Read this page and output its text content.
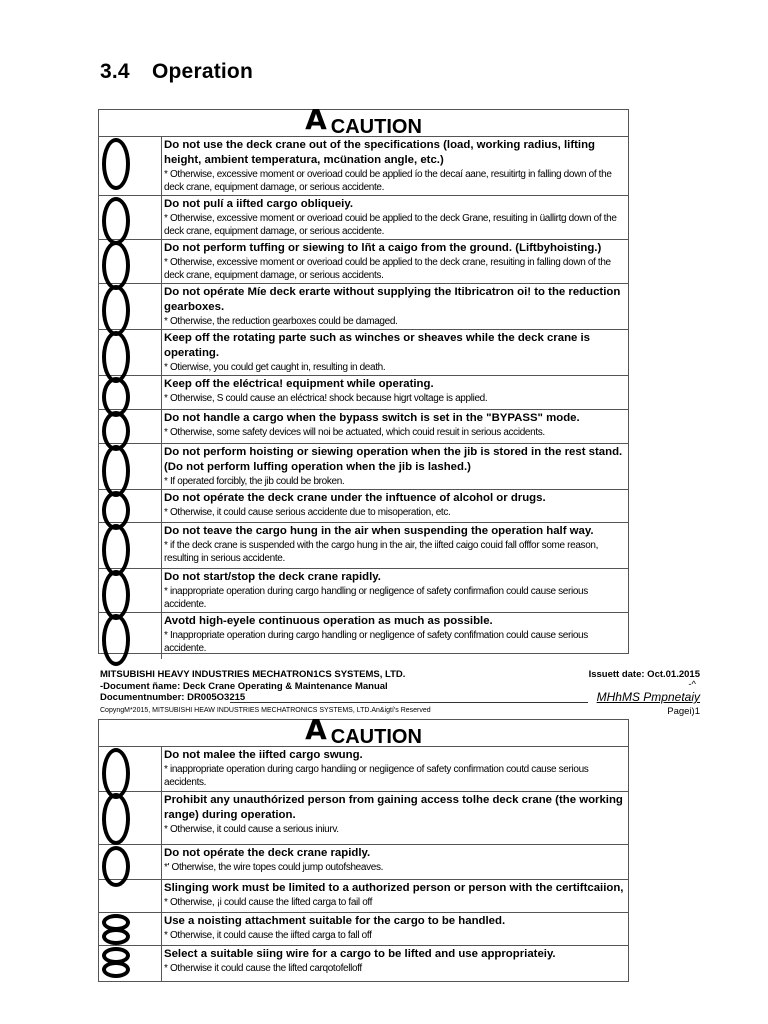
3.4 Operation
A CAUTION

	Do not use the deck crane out of the specifications (load, working radius, lifting height, ambient temperatura, mcünation angle, etc.)
* Otherwise, excessive moment or overioad could be applied ío the decaí aane, resuitirtg in falling down of the deck crane, equipment damage, or serious accidente.

	Do not pulí a iifted cargo obliqueiy.
* Otherwise, excessive moment or overioad couid be applied to the deck Grane, resuiting in üallirtg down of the deck crane, equipment damage, or serious accidente.

	Do not perform tuffing or siewing to lñt a caigo from the ground. (Liftbyhoisting.)
* Otherwise, excessive moment or overioad could be applied to the deck crane, resuiting in falling down of the deck crane, equipment damage, or serious accidents.

	Do not opérate Míe deck erarte without supplying the Itibricatron oi! to the reduction gearboxes.
* Otherwise, the reduction gearboxes could be damaged.

	Keep off the rotating parte such as winches or sheaves while the deck crane is operating.
* Otierwise, you could get caught in, resulting in death.

	Keep off the eléctrica! equipment while operating.
* Otherwise, S could cause an eléctrica! shock because higrt voltage is applied.

	Do not handle a cargo when the bypass switch is set in the "BYPASS" mode.
* Otherwise, some safety devices will noi be actuated, which couid resuit in serious accidents.

	Do not perform hoisting or siewing operation when the jib is stored in the rest stand. (Do not perform luffing operation when the jib is lashed.)
* If operated forcibly, the jib could be broken.

	Do not opérate the deck crane under the inftuence of alcohol or drugs.
* Otherwise, it could cause serious accidente due to misoperation, etc.

	Do not teave the cargo hung in the air when suspending the operation half way.
* if the deck crane is suspended with the cargo hung in the air, the iifted caigo couid fall offfor some reason, resulting in serious accidente.

	Do not start/stop the deck crane rapidly.
* inappropriate operation during cargo handling or negligence of safety confirmafion could cause serious accidente.

	Avotd high-eyele continuous operation as much as possible.
* Inappropriate operation during cargo handling or negligence of safety confifmation could cause serious accidente.
MITSUBISHI HEAVY INDUSTRIES MECHATRON1CS SYSTEMS, LTD.	Issuett date: Oct.01.2015
-Document ñame: Deck Crane Operating & Maintenance Manual	-^
Documentnumber: DR005O3215	MHhMS Pmpnetaiy
CopyngM*2015, MITSUBISHI HEAW INDUSTRIES MECHATRONICS SYSTEMS, LTD.An&igtí's Reserved	Pagei)1
A CAUTION

	Do not malee the iifted cargo swung.
* inappropriate operation during cargo handiing or negiigence of safety confirmation coutd cause serious aecidents.

	Prohibit any unauthórized person from gaining access tolhe deck crane (the working range) during operation.
* Otherwise, it could cause a serious iniurv.

	Do not opérate the deck crane rapidly.
*' Otherwise, the wire topes could jump outofsheaves.

	Slinging work must be limited to a authorized person or person with the certiftcaiion,
* Otherwise, ¡i could cause the lifted carga to fail off

	Use a noisting attachment suitable for the cargo to be handled.
* Otherwise, it could cause the iifted carga to fall off

	Select a suitable siing wire for a cargo to be lifted and use appropriateiy.
* Otherwise it could cause the lifted carqotofelloff
